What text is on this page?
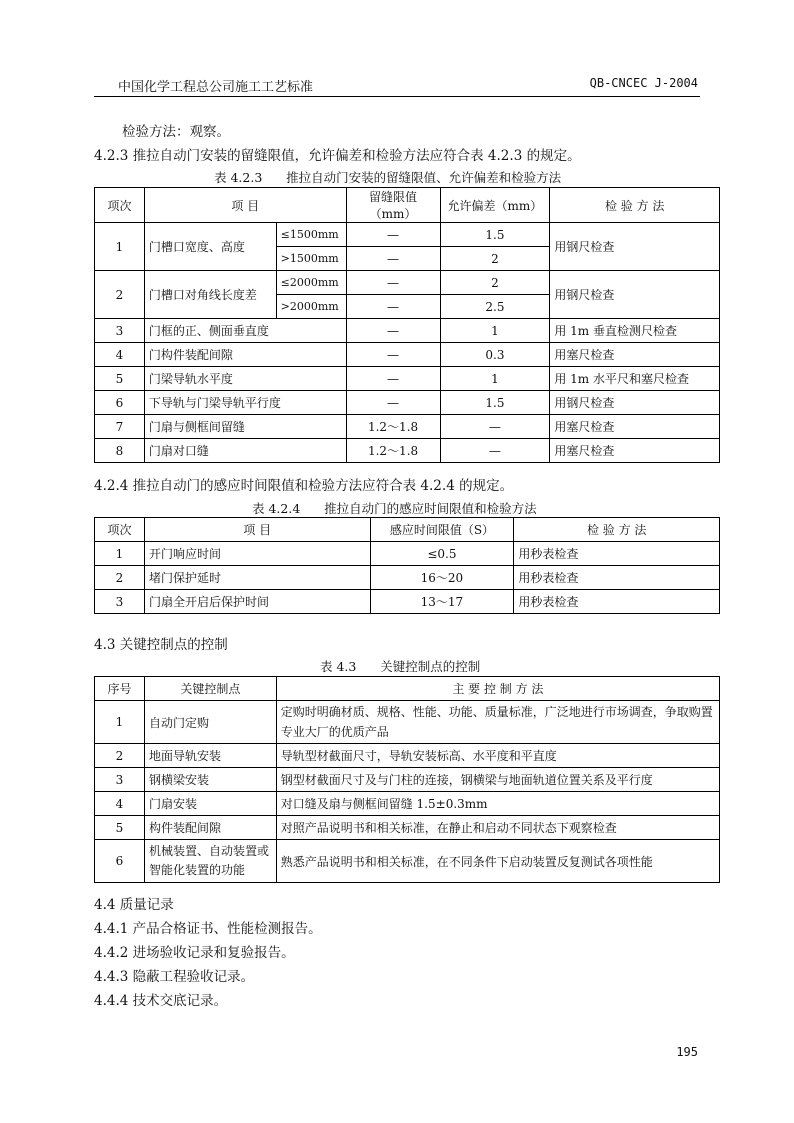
中国化学工程总公司施工工艺标准	QB-CNCEC J-2004
检验方法：观察。
4.2.3 推拉自动门安装的留缝限值，允许偏差和检验方法应符合表 4.2.3 的规定。
表 4.2.3 推拉自动门安装的留缝限值、允许偏差和检验方法
项次	项 目		留缝限值（mm）	允许偏差（mm）	检 验 方 法
1	门槽口宽度、高度	≤1500mm	—	1.5	用钢尺检查
		>1500mm	—	2	
2	门槽口对角线长度差	≤2000mm	—	2	用钢尺检查
		>2000mm	—	2.5	
3	门框的正、侧面垂直度		—	1	用 1m 垂直检测尺检查
4	门构件装配间隙		—	0.3	用塞尺检查
5	门梁导轨水平度		—	1	用 1m 水平尺和塞尺检查
6	下导轨与门梁导轨平行度		—	1.5	用钢尺检查
7	门扇与侧框间留缝		1.2～1.8	—	用塞尺检查
8	门扇对口缝		1.2～1.8	—	用塞尺检查
4.2.4 推拉自动门的感应时间限值和检验方法应符合表 4.2.4 的规定。
表 4.2.4 推拉自动门的感应时间限值和检验方法
项次	项 目	感应时间限值（S）	检 验 方 法
1	开门响应时间	≤0.5	用秒表检查
2	堵门保护延时	16～20	用秒表检查
3	门扇全开启后保护时间	13～17	用秒表检查
4.3 关键控制点的控制
表 4.3 关键控制点的控制
序号	关键控制点	主 要 控 制 方 法
1	自动门定购	定购时明确材质、规格、性能、功能、质量标准，广泛地进行市场调查，争取购置专业大厂的优质产品
2	地面导轨安装	导轨型材截面尺寸，导轨安装标高、水平度和平直度
3	钢横梁安装	钢型材截面尺寸及与门柱的连接，钢横梁与地面轨道位置关系及平行度
4	门扇安装	对口缝及扇与侧框间留缝 1.5±0.3mm
5	构件装配间隙	对照产品说明书和相关标准，在静止和启动不同状态下观察检查
6	机械装置、自动装置或智能化装置的功能	熟悉产品说明书和相关标准，在不同条件下启动装置反复测试各项性能
4.4 质量记录
4.4.1 产品合格证书、性能检测报告。
4.4.2 进场验收记录和复验报告。
4.4.3 隐蔽工程验收记录。
4.4.4 技术交底记录。
195
